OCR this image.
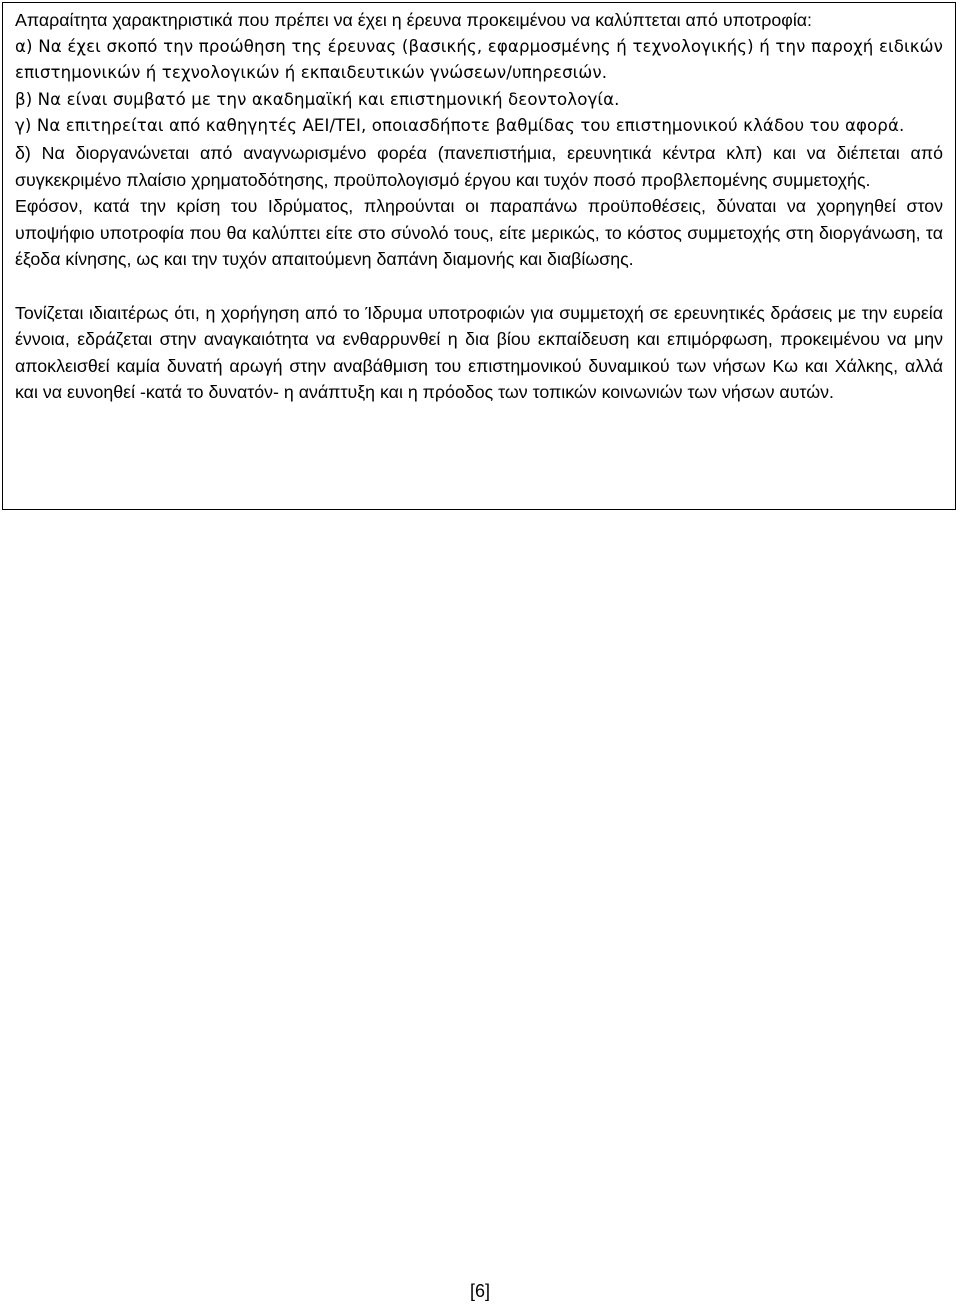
Απαραίτητα χαρακτηριστικά που πρέπει να έχει η έρευνα προκειμένου να καλύπτεται από υποτροφία:

α) Να έχει σκοπό την προώθηση της έρευνας (βασικής, εφαρμοσμένης ή τεχνολογικής) ή την παροχή ειδικών επιστημονικών ή τεχνολογικών ή εκπαιδευτικών γνώσεων/υπηρεσιών.

β) Να είναι συμβατό με την ακαδημαϊκή και επιστημονική δεοντολογία.

γ) Να επιτηρείται από καθηγητές ΑΕΙ/ΤΕΙ, οποιασδήποτε βαθμίδας του επιστημονικού κλάδου του αφορά.

δ) Να διοργανώνεται από αναγνωρισμένο φορέα (πανεπιστήμια, ερευνητικά κέντρα κλπ) και να διέπεται από συγκεκριμένο πλαίσιο χρηματοδότησης, προϋπολογισμό έργου και τυχόν ποσό προβλεπομένης συμμετοχής.

Εφόσον, κατά την κρίση του Ιδρύματος, πληρούνται οι παραπάνω προϋποθέσεις, δύναται να χορηγηθεί στον υποψήφιο υποτροφία που θα καλύπτει είτε στο σύνολό τους, είτε μερικώς, το κόστος συμμετοχής στη διοργάνωση, τα έξοδα κίνησης, ως και την τυχόν απαιτούμενη δαπάνη διαμονής και διαβίωσης.

Τονίζεται ιδιαιτέρως ότι, η χορήγηση από το Ίδρυμα υποτροφιών για συμμετοχή σε ερευνητικές δράσεις με την ευρεία έννοια, εδράζεται στην αναγκαιότητα να ενθαρρυνθεί η δια βίου εκπαίδευση και επιμόρφωση, προκειμένου να μην αποκλεισθεί καμία δυνατή αρωγή στην αναβάθμιση του επιστημονικού δυναμικού των νήσων Κω και Χάλκης, αλλά και να ευνοηθεί -κατά το δυνατόν- η ανάπτυξη και η πρόοδος των τοπικών κοινωνιών των νήσων αυτών.

[6]
